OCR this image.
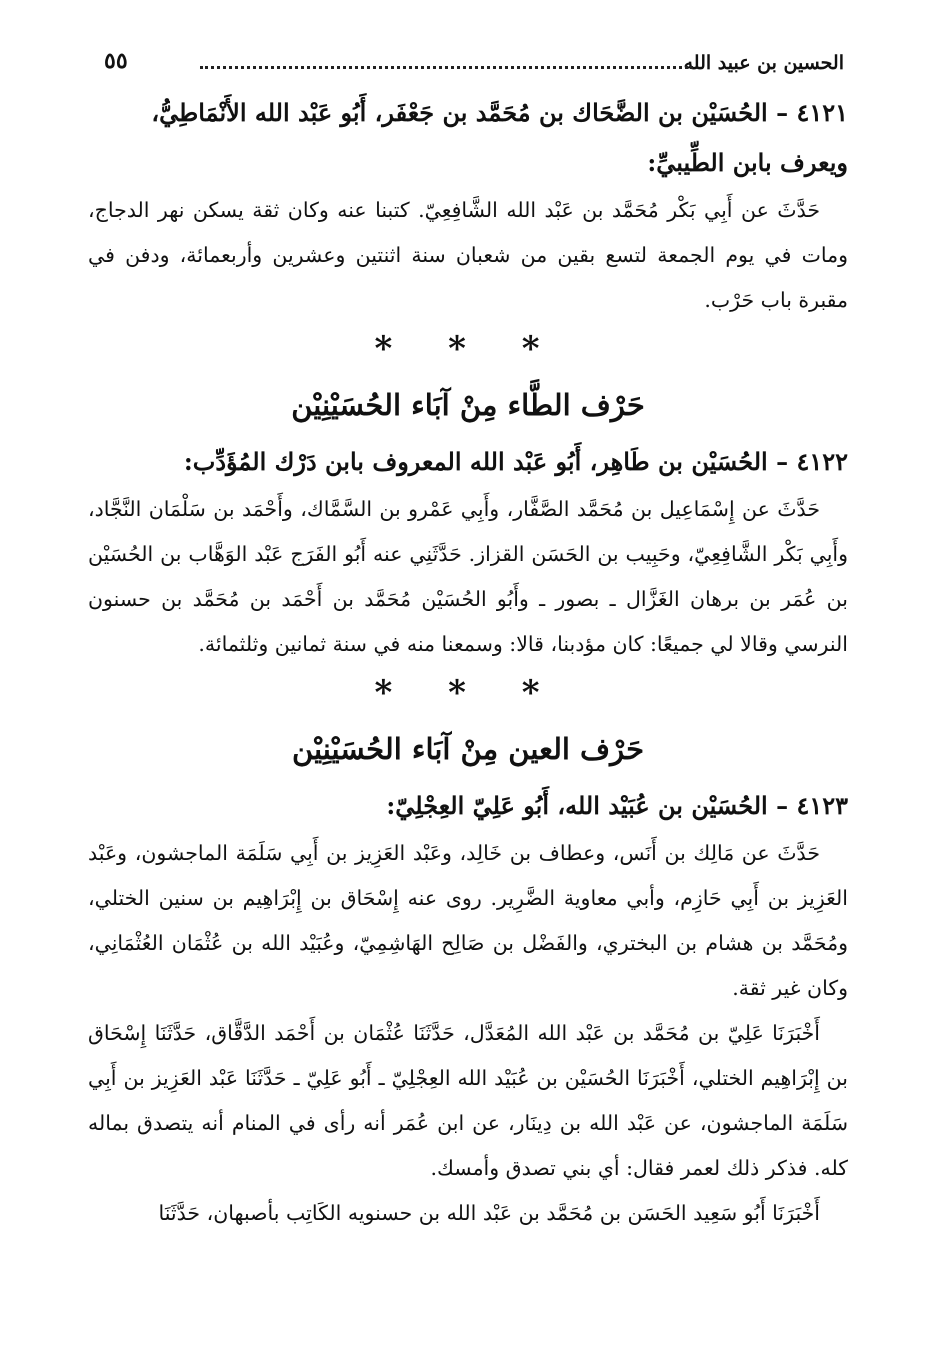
الحسين بن عبيد الله
٥٥

٤١٢١ – الحُسَيْن بن الضَّحَاك بن مُحَمَّد بن جَعْفَر، أَبُو عَبْد الله الأَنْمَاطِيُّ،

ويعرف بابن الطِّيبيِّ:

حَدَّثَ عن أَبِي بَكْر مُحَمَّد بن عَبْد الله الشَّافِعِيّ. كتبنا عنه وكان ثقة يسكن نهر الدجاج، ومات في يوم الجمعة لتسع بقين من شعبان سنة اثنتين وعشرين وأربعمائة، ودفن في مقبرة باب حَرْب.

* * *
حَرْف الطَّاء مِنْ آبَاء الحُسَيْنِيْن

٤١٢٢ – الحُسَيْن بن طَاهِر، أَبُو عَبْد الله المعروف بابن دَرْك المُؤَدِّب:

حَدَّثَ عن إِسْمَاعِيل بن مُحَمَّد الصَّفَّار، وأَبِي عَمْرو بن السَّمَّاك، وأَحْمَد بن سَلْمَان النَّجَّاد، وأَبِي بَكْر الشَّافِعِيّ، وحَبِيب بن الحَسَن القزاز. حَدَّثَنِي عنه أَبُو الفَرَج عَبْد الوَهَّاب بن الحُسَيْن بن عُمَر بن برهان الغَزَّال ـ بصور ـ وأَبُو الحُسَيْن مُحَمَّد بن أَحْمَد بن مُحَمَّد بن حسنون النرسي وقالا لي جميعًا: كان مؤدبنا، قالا: وسمعنا منه في سنة ثمانين وثلثمائة.

* * *
حَرْف العين مِنْ آبَاء الحُسَيْنِيْن

٤١٢٣ – الحُسَيْن بن عُبَيْد الله، أَبُو عَلِيّ العِجْلِيّ:

حَدَّثَ عن مَالِك بن أَنَس، وعطاف بن خَالِد، وعَبْد العَزِيز بن أَبِي سَلَمَة الماجشون، وعَبْد العَزِيز بن أَبِي حَازِم، وأبي معاوية الضَّرِير. روى عنه إِسْحَاق بن إِبْرَاهِيم بن سنين الختلي، ومُحَمَّد بن هشام بن البختري، والفَضْل بن صَالِح الهَاشِمِيّ، وعُبَيْد الله بن عُثْمَان العُثْمَانِي، وكان غير ثقة.

أَخْبَرَنَا عَلِيّ بن مُحَمَّد بن عَبْد الله المُعَدَّل، حَدَّثَنَا عُثْمَان بن أَحْمَد الدَّقَّاق، حَدَّثَنَا إِسْحَاق بن إِبْرَاهِيم الختلي، أَخْبَرَنَا الحُسَيْن بن عُبَيْد الله العِجْلِيّ ـ أَبُو عَلِيّ ـ حَدَّثَنَا عَبْد العَزِيز بن أَبِي سَلَمَة الماجشون، عن عَبْد الله بن دِينَار، عن ابن عُمَر أنه رأى في المنام أنه يتصدق بماله كله. فذكر ذلك لعمر فقال: أي بني تصدق وأمسك.

أَخْبَرَنَا أَبُو سَعِيد الحَسَن بن مُحَمَّد بن عَبْد الله بن حسنويه الكَاتِب بأصبهان، حَدَّثَنَا
